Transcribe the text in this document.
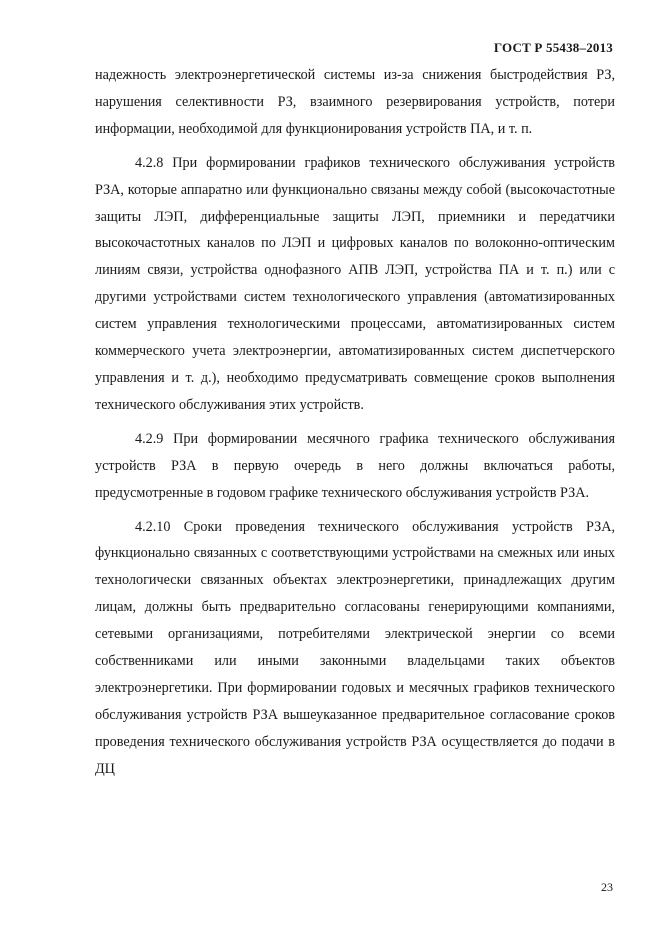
ГОСТ Р 55438–2013

надежность электроэнергетической системы из-за снижения быстродействия РЗ, нарушения селективности РЗ, взаимного резервирования устройств, потери информации, необходимой для функционирования устройств ПА, и т. п.

4.2.8 При формировании графиков технического обслуживания устройств РЗА, которые аппаратно или функционально связаны между собой (высокочастотные защиты ЛЭП, дифференциальные защиты ЛЭП, приемники и передатчики высокочастотных каналов по ЛЭП и цифровых каналов по волоконно-оптическим линиям связи, устройства однофазного АПВ ЛЭП, устройства ПА и т. п.) или с другими устройствами систем технологического управления (автоматизированных систем управления технологическими процессами, автоматизированных систем коммерческого учета электроэнергии, автоматизированных систем диспетчерского управления и т. д.), необходимо предусматривать совмещение сроков выполнения технического обслуживания этих устройств.

4.2.9 При формировании месячного графика технического обслуживания устройств РЗА в первую очередь в него должны включаться работы, предусмотренные в годовом графике технического обслуживания устройств РЗА.

4.2.10 Сроки проведения технического обслуживания устройств РЗА, функционально связанных с соответствующими устройствами на смежных или иных технологически связанных объектах электроэнергетики, принадлежащих другим лицам, должны быть предварительно согласованы генерирующими компаниями, сетевыми организациями, потребителями электрической энергии со всеми собственниками или иными законными владельцами таких объектов электроэнергетики. При формировании годовых и месячных графиков технического обслуживания устройств РЗА вышеуказанное предварительное согласование сроков проведения технического обслуживания устройств РЗА осуществляется до подачи в ДЦ

23
